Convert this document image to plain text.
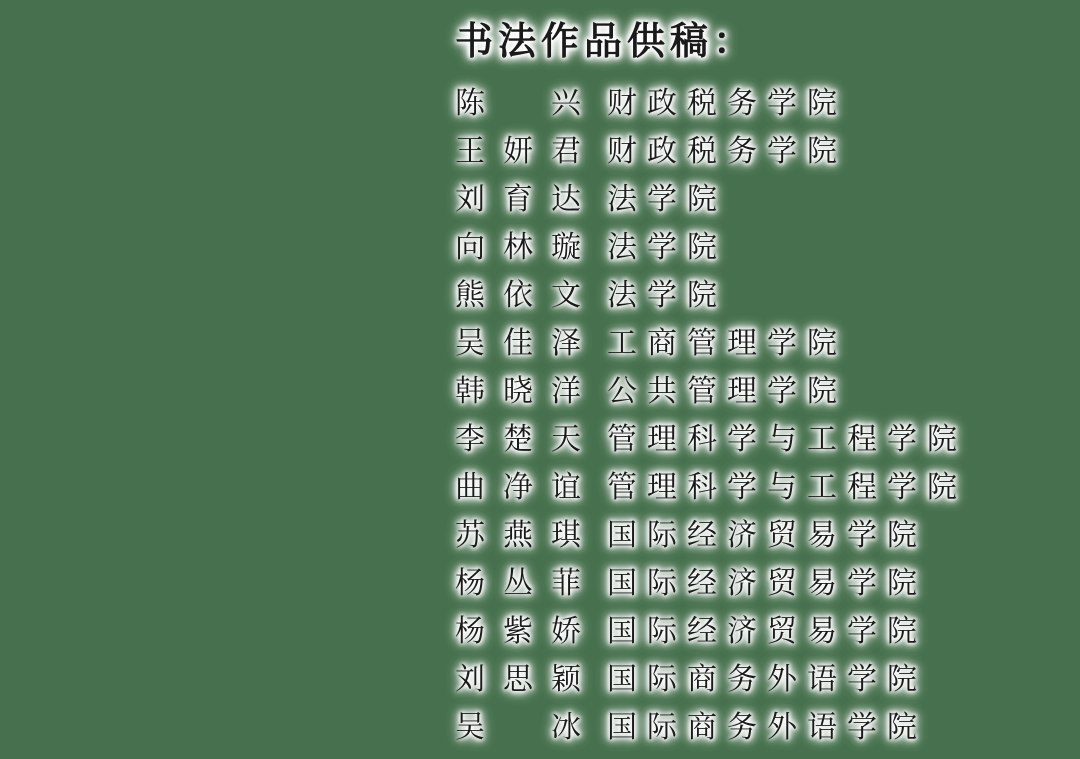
书法作品供稿：
陈 兴 财政税务学院
王 妍 君 财政税务学院
刘 育 达 法学院
向 林 璇 法学院
熊 依 文 法学院
吴 佳 泽 工商管理学院
韩 晓 洋 公共管理学院
李 楚 天 管理科学与工程学院
曲 净 谊 管理科学与工程学院
苏 燕 琪 国际经济贸易学院
杨 丛 菲 国际经济贸易学院
杨 紫 娇 国际经济贸易学院
刘 思 颖 国际商务外语学院
吴 冰 国际商务外语学院
